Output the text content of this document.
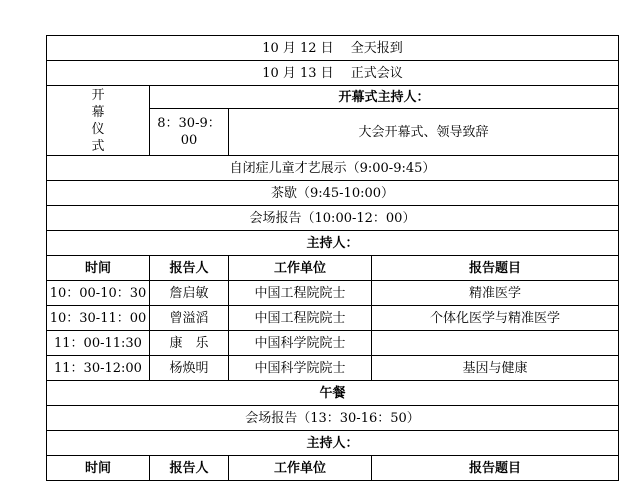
10 月 12 日　 全天报到			
10 月 13 日　 正式会议			
开幕仪式	开幕式主持人：		
	8：30-9：00	大会开幕式、领导致辞	
自闭症儿童才艺展示（9:00-9:45）			
茶歇（9:45-10:00）			
会场报告（10:00-12：00）			
主持人：			
时间	报告人	工作单位	报告题目
10：00-10：30	詹启敏	中国工程院院士	精准医学
10：30-11：00	曾溢滔	中国工程院院士	个体化医学与精准医学
11：00-11:30	康　乐	中国科学院院士	
11：30-12:00	杨焕明	中国科学院院士	基因与健康
午餐			
会场报告（13：30-16：50）			
主持人：			
时间	报告人	工作单位	报告题目
